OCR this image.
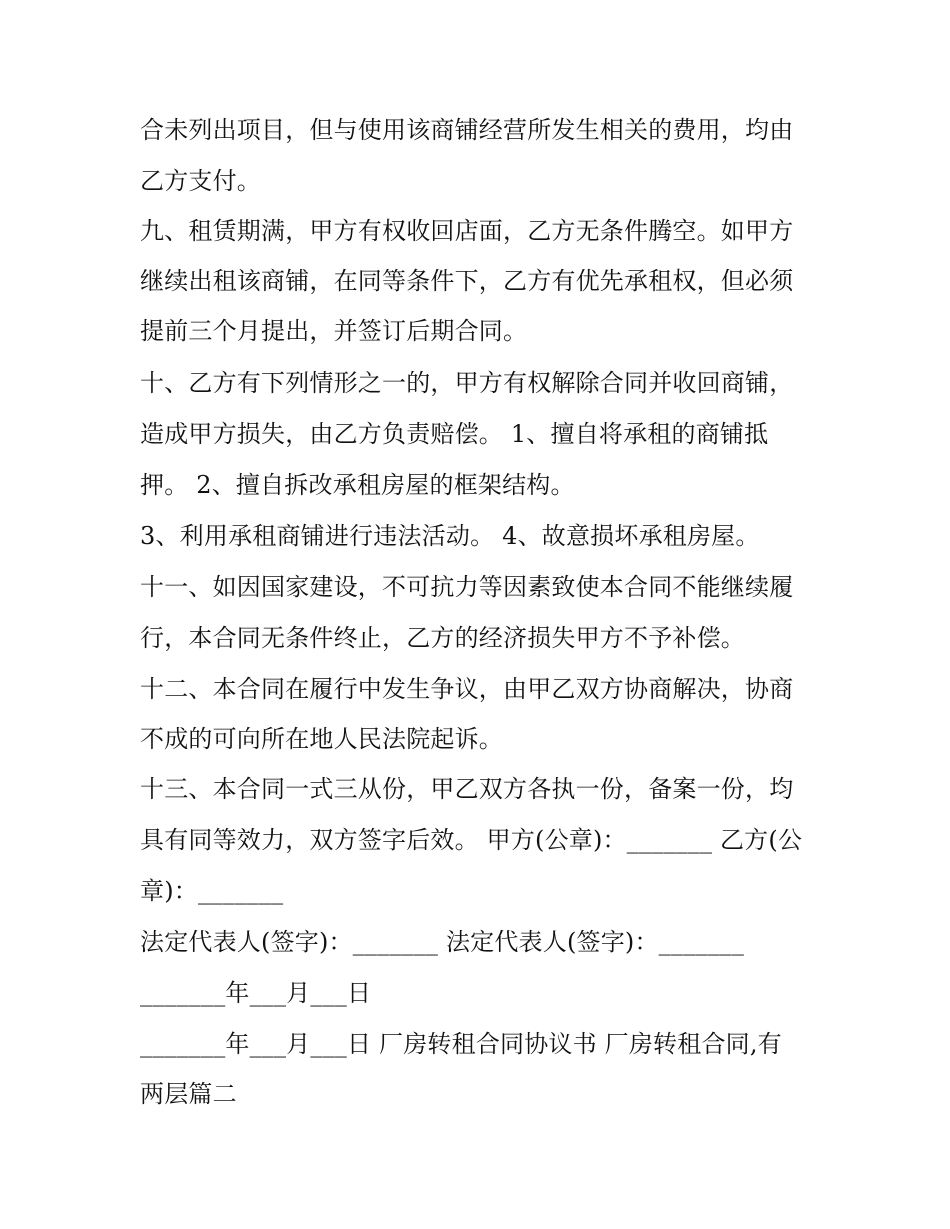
合未列出项目，但与使用该商铺经营所发生相关的费用，均由
乙方支付。
九、租赁期满，甲方有权收回店面，乙方无条件腾空。如甲方
继续出租该商铺，在同等条件下，乙方有优先承租权，但必须
提前三个月提出，并签订后期合同。
十、乙方有下列情形之一的，甲方有权解除合同并收回商铺，
造成甲方损失，由乙方负责赔偿。 1、擅自将承租的商铺抵
押。 2、擅自拆改承租房屋的框架结构。
3、利用承租商铺进行违法活动。 4、故意损坏承租房屋。
十一、如因国家建设，不可抗力等因素致使本合同不能继续履
行，本合同无条件终止，乙方的经济损失甲方不予补偿。
十二、本合同在履行中发生争议，由甲乙双方协商解决，协商
不成的可向所在地人民法院起诉。
十三、本合同一式三从份，甲乙双方各执一份，备案一份，均
具有同等效力，双方签字后效。 甲方(公章)：_______ 乙方(公
章)：_______
法定代表人(签字)：_______ 法定代表人(签字)：_______
_______年___月___日
_______年___月___日 厂房转租合同协议书 厂房转租合同,有
两层篇二
